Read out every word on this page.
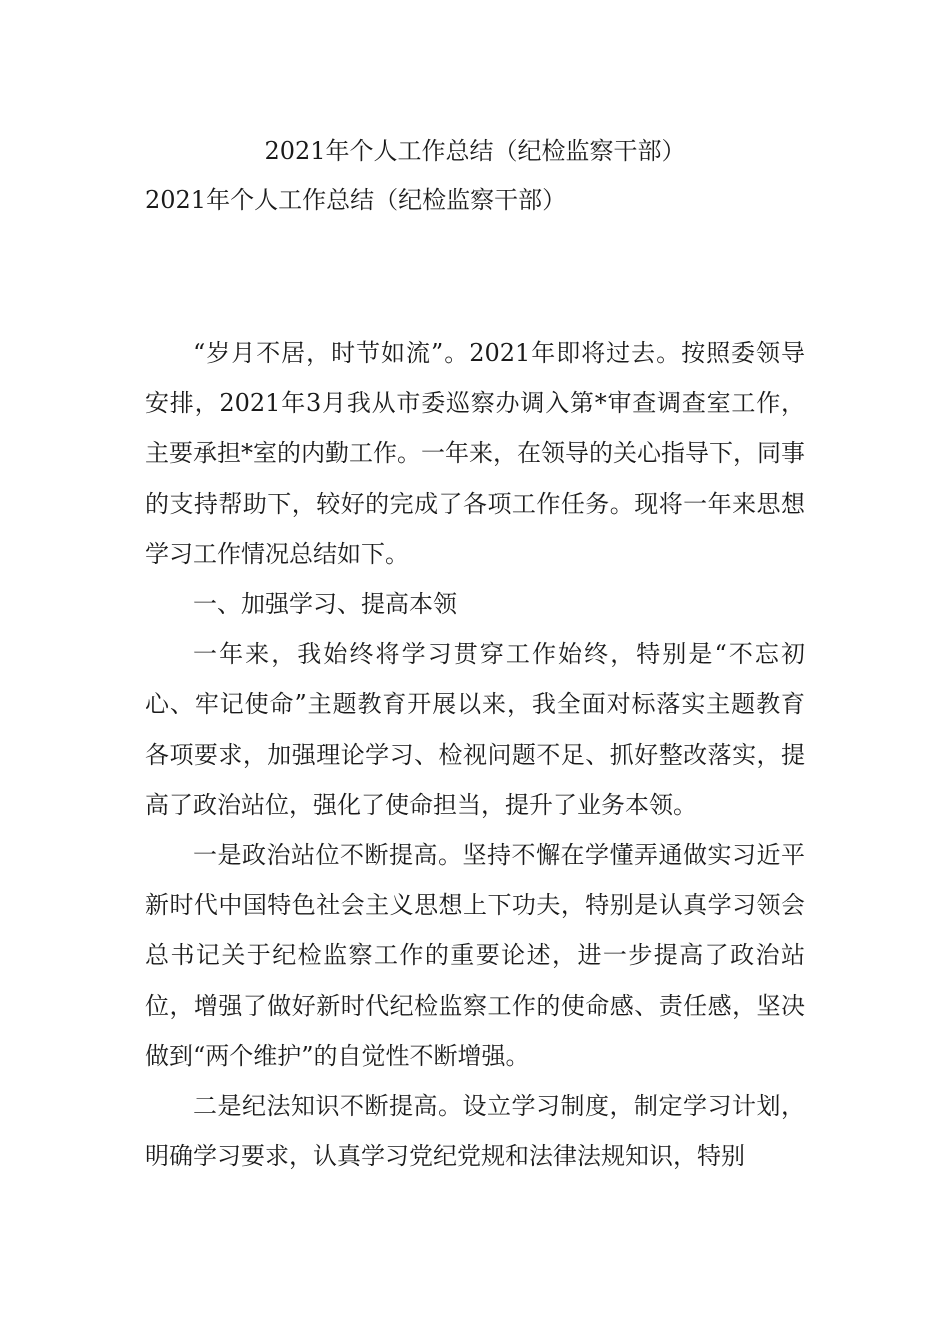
2021年个人工作总结（纪检监察干部）
2021年个人工作总结（纪检监察干部）

“岁月不居，时节如流”。2021年即将过去。按照委领导安排，2021年3月我从市委巡察办调入第*审查调查室工作，主要承担*室的内勤工作。一年来，在领导的关心指导下，同事的支持帮助下，较好的完成了各项工作任务。现将一年来思想学习工作情况总结如下。

一、加强学习、提高本领

一年来，我始终将学习贯穿工作始终，特别是“不忘初心、牢记使命”主题教育开展以来，我全面对标落实主题教育各项要求，加强理论学习、检视问题不足、抓好整改落实，提高了政治站位，强化了使命担当，提升了业务本领。

一是政治站位不断提高。坚持不懈在学懂弄通做实习近平新时代中国特色社会主义思想上下功夫，特别是认真学习领会总书记关于纪检监察工作的重要论述，进一步提高了政治站位，增强了做好新时代纪检监察工作的使命感、责任感，坚决做到“两个维护”的自觉性不断增强。

二是纪法知识不断提高。设立学习制度，制定学习计划，明确学习要求，认真学习党纪党规和法律法规知识，特别
